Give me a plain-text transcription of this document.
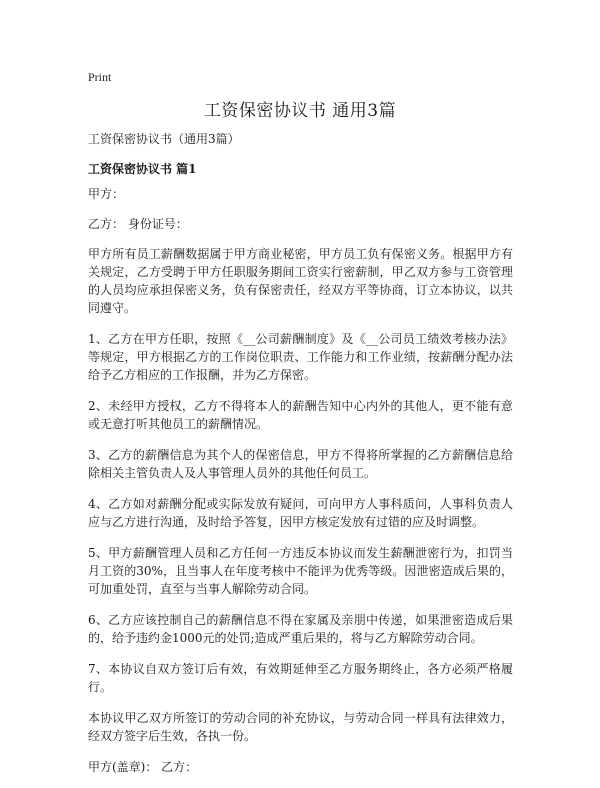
Print
工资保密协议书 通用3篇
工资保密协议书（通用3篇）
工资保密协议书 篇1

甲方：

乙方： 身份证号：

甲方所有员工薪酬数据属于甲方商业秘密，甲方员工负有保密义务。根据甲方有关规定，乙方受聘于甲方任职服务期间工资实行密薪制，甲乙双方参与工资管理的人员均应承担保密义务，负有保密责任，经双方平等协商，订立本协议，以共同遵守。

1、乙方在甲方任职，按照《__公司薪酬制度》及《__公司员工绩效考核办法》等规定，甲方根据乙方的工作岗位职责、工作能力和工作业绩，按薪酬分配办法给予乙方相应的工作报酬，并为乙方保密。

2、未经甲方授权，乙方不得将本人的薪酬告知中心内外的其他人，更不能有意或无意打听其他员工的薪酬情况。

3、乙方的薪酬信息为其个人的保密信息，甲方不得将所掌握的乙方薪酬信息给除相关主管负责人及人事管理人员外的其他任何员工。

4、乙方如对薪酬分配或实际发放有疑问，可向甲方人事科质问，人事科负责人应与乙方进行沟通，及时给予答复，因甲方核定发放有过错的应及时调整。

5、甲方薪酬管理人员和乙方任何一方违反本协议而发生薪酬泄密行为，扣罚当月工资的30%，且当事人在年度考核中不能评为优秀等级。因泄密造成后果的，可加重处罚，直至与当事人解除劳动合同。

6、乙方应该控制自己的薪酬信息不得在家属及亲朋中传递，如果泄密造成后果的，给予违约金1000元的处罚;造成严重后果的，将与乙方解除劳动合同。

7、本协议自双方签订后有效，有效期延伸至乙方服务期终止，各方必须严格履行。

本协议甲乙双方所签订的劳动合同的补充协议，与劳动合同一样具有法律效力，经双方签字后生效，各执一份。

甲方(盖章)： 乙方：
